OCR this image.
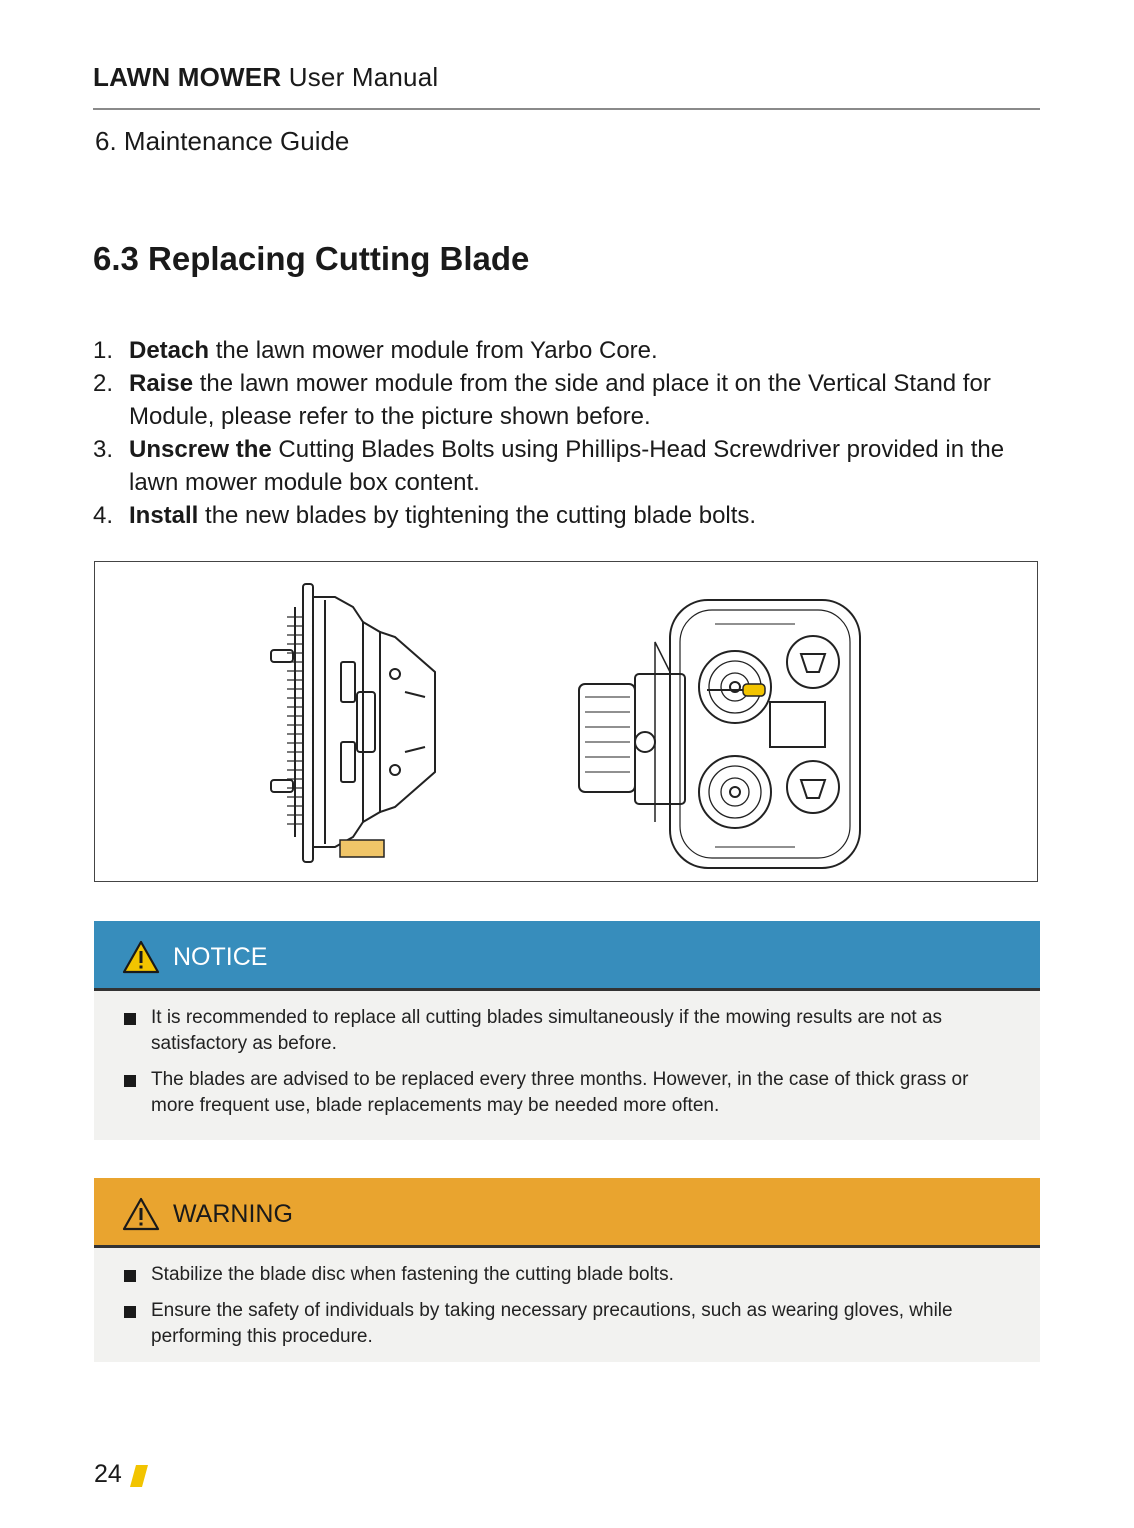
LAWN MOWER User Manual
6. Maintenance Guide
6.3 Replacing Cutting Blade
1. Detach the lawn mower module from Yarbo Core.
2. Raise the lawn mower module from the side and place it on the Vertical Stand for Module, please refer to the picture shown before.
3. Unscrew the Cutting Blades Bolts using Phillips-Head Screwdriver provided in the lawn mower module box content.
4. Install the new blades by tightening the cutting blade bolts.
NOTICE
It is recommended to replace all cutting blades simultaneously if the mowing results are not as satisfactory as before.
The blades are advised to be replaced every three months. However, in the case of thick grass or more frequent use, blade replacements may be needed more often.
WARNING
Stabilize the blade disc when fastening the cutting blade bolts.
Ensure the safety of individuals by taking necessary precautions, such as wearing gloves, while performing this procedure.
24
